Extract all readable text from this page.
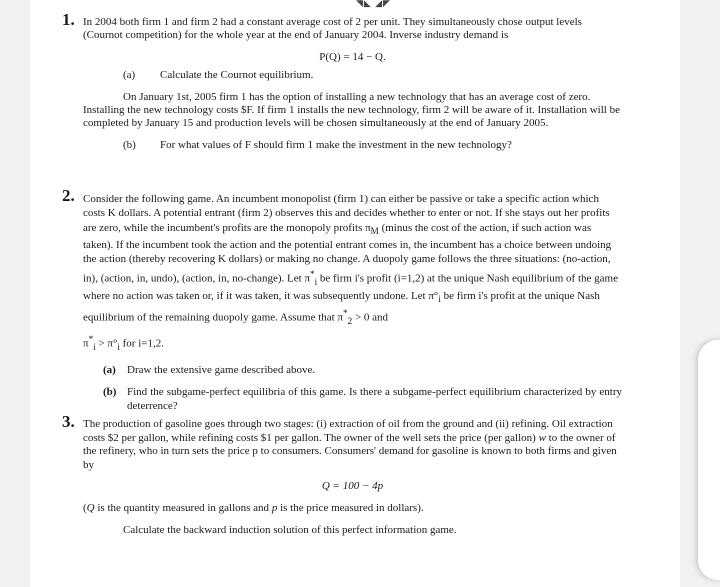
◥◣ ◢◤
1. In 2004 both firm 1 and firm 2 had a constant average cost of 2 per unit. They simultaneously chose output levels (Cournot competition) for the whole year at the end of January 2004. Inverse industry demand is

P(Q) = 14 − Q.

(a)	Calculate the Cournot equilibrium.

On January 1st, 2005 firm 1 has the option of installing a new technology that has an average cost of zero. Installing the new technology costs $F. If firm 1 installs the new technology, firm 2 will be aware of it. Installation will be completed by January 15 and production levels will be chosen simultaneously at the end of January 2005.

(b)	For what values of F should firm 1 make the investment in the new technology?
2. Consider the following game. An incumbent monopolist (firm 1) can either be passive or take a specific action which costs K dollars. A potential entrant (firm 2) observes this and decides whether to enter or not. If she stays out her profits are zero, while the incumbent's profits are the monopoly profits $\pi_M$ (minus the cost of the action, if such action was taken). If the incumbent took the action and the potential entrant comes in, the incumbent has a choice between undoing the action (thereby recovering K dollars) or making no change. A duopoly game follows the three situations: (no-action, in), (action, in, undo), (action, in, no-change). Let $\pi^*_i$ be firm i's profit (i=1,2) at the unique Nash equilibrium of the game where no action was taken or, if it was taken, it was subsequently undone. Let $\pi^\circ_i$ be firm i's profit at the unique Nash equilibrium of the remaining duopoly game. Assume that $\pi^*_2 > 0$ and

$\pi^*_i > \pi^\circ_i$ for i=1,2.

(a)	Draw the extensive game described above.
(b) Find the subgame-perfect equilibria of this game. Is there a subgame-perfect equilibrium characterized by entry deterrence?
3. The production of gasoline goes through two stages: (i) extraction of oil from the ground and (ii) refining. Oil extraction costs $2 per gallon, while refining costs $1 per gallon. The owner of the well sets the price (per gallon) w to the owner of the refinery, who in turn sets the price p to consumers. Consumers' demand for gasoline is known to both firms and given by

Q = 100 − 4p

(Q is the quantity measured in gallons and p is the price measured in dollars).

Calculate the backward induction solution of this perfect information game.
